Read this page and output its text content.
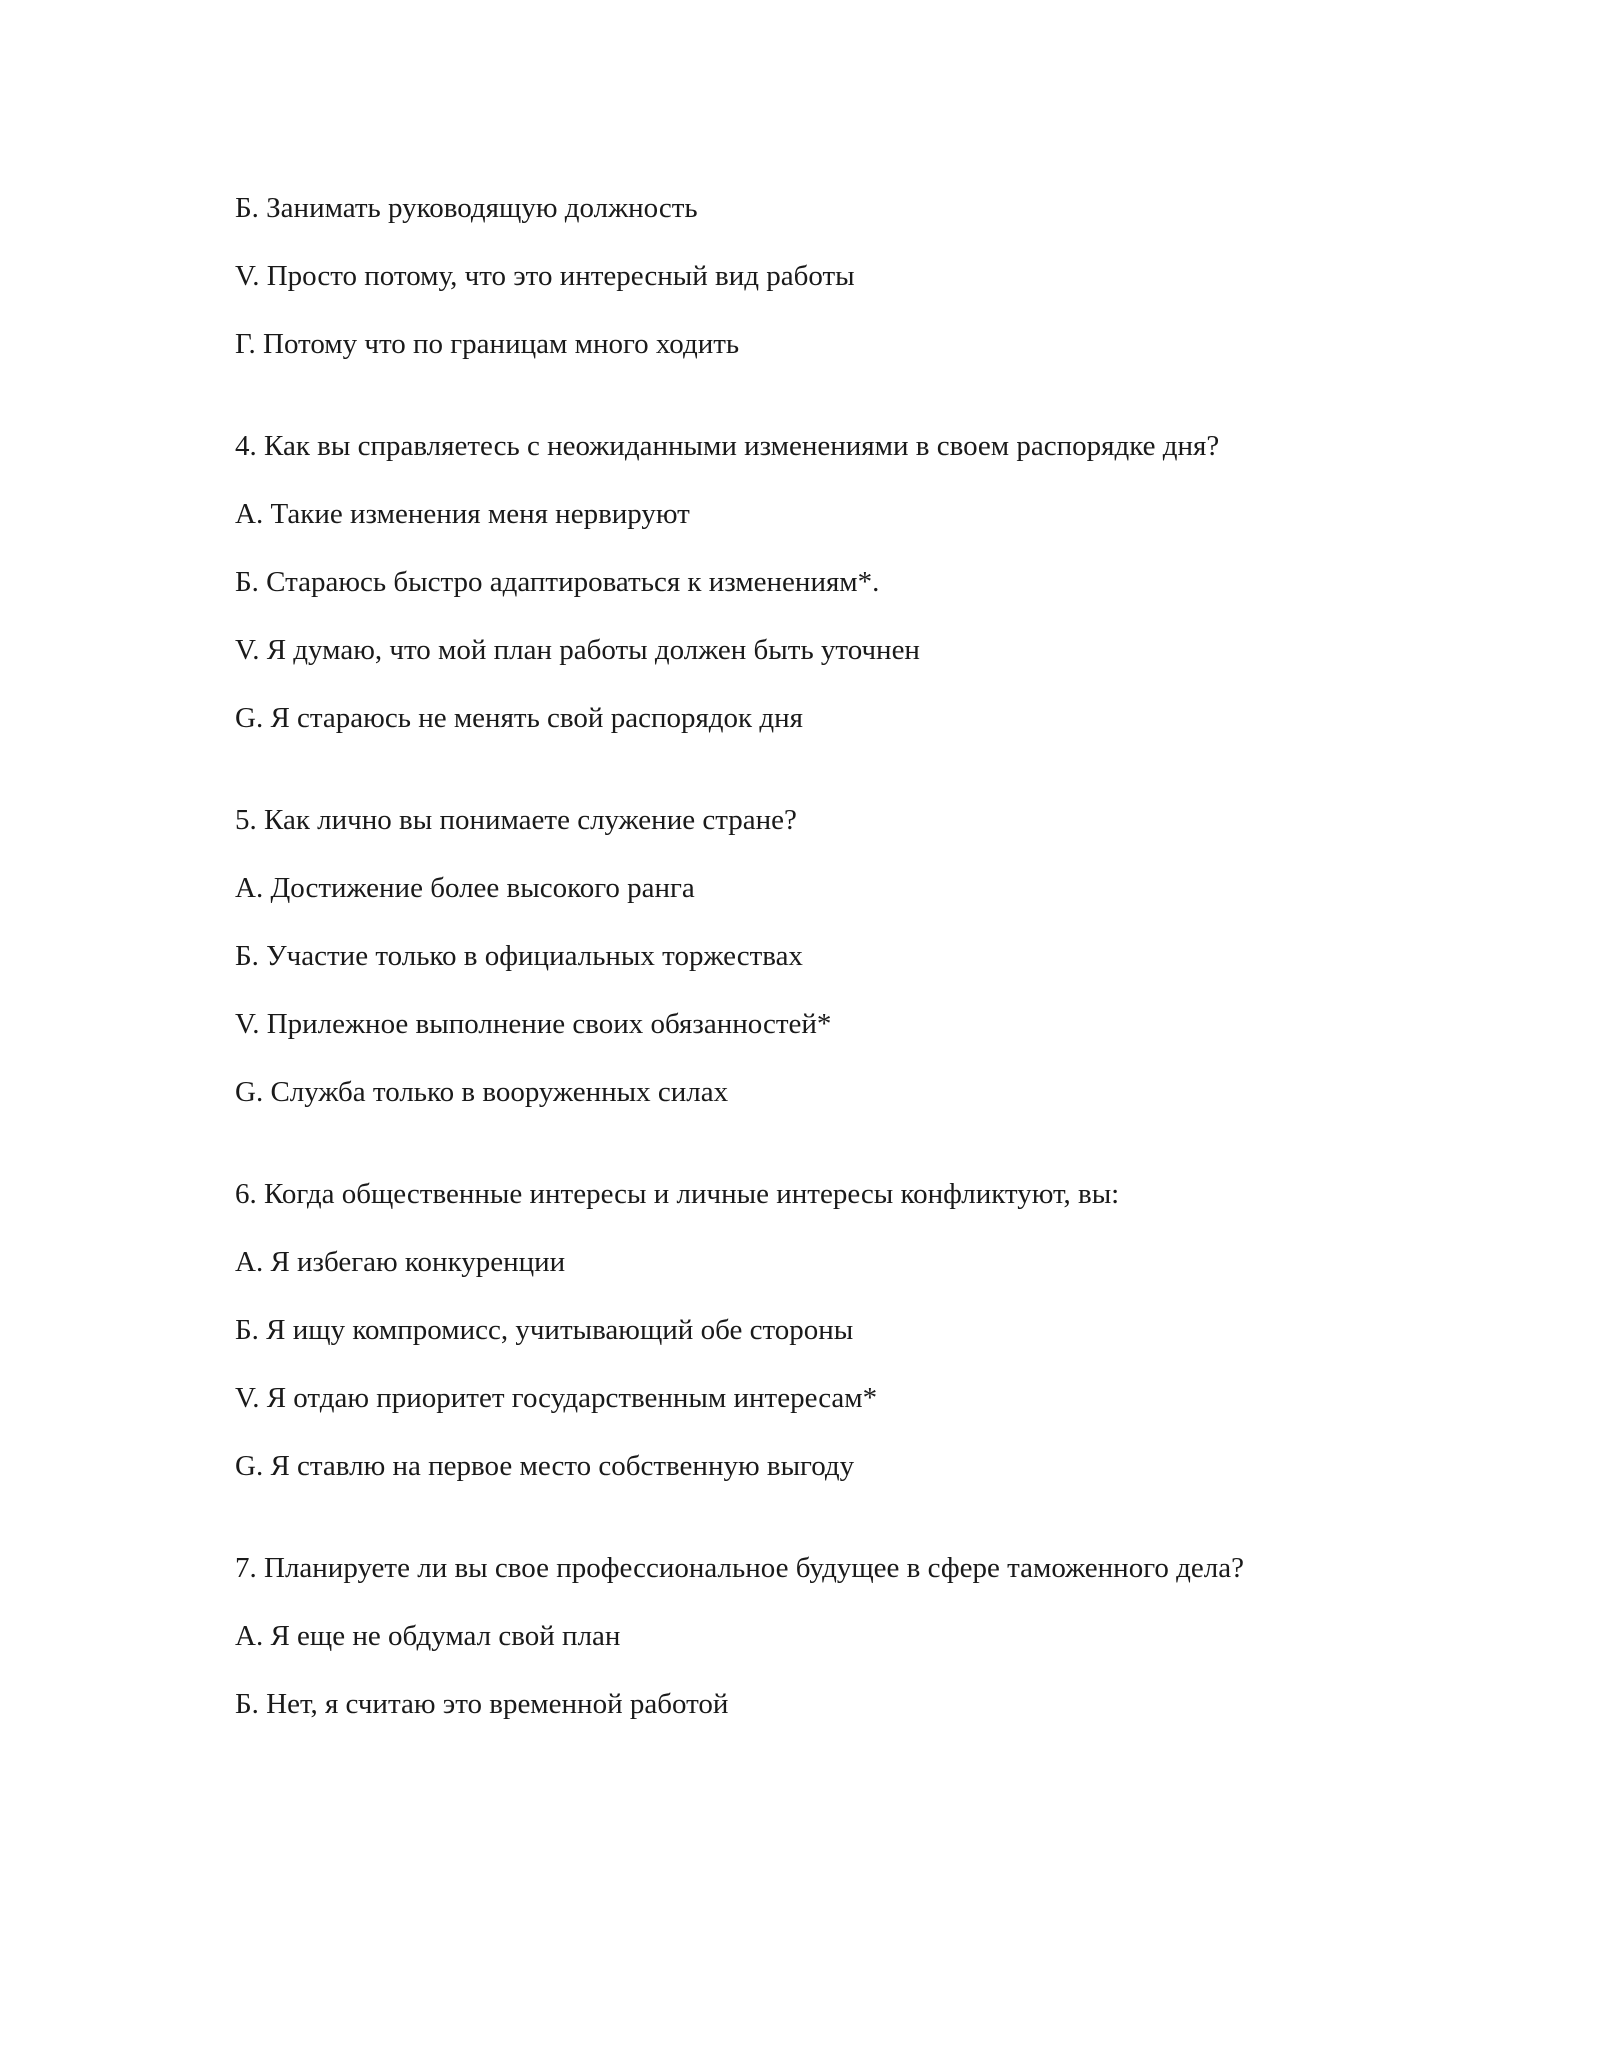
Б. Занимать руководящую должность
V. Просто потому, что это интересный вид работы
Г. Потому что по границам много ходить
4. Как вы справляетесь с неожиданными изменениями в своем распорядке дня?
A. Такие изменения меня нервируют
Б. Стараюсь быстро адаптироваться к изменениям*.
V. Я думаю, что мой план работы должен быть уточнен
G. Я стараюсь не менять свой распорядок дня
5. Как лично вы понимаете служение стране?
A. Достижение более высокого ранга
Б. Участие только в официальных торжествах
V. Прилежное выполнение своих обязанностей*
G. Служба только в вооруженных силах
6. Когда общественные интересы и личные интересы конфликтуют, вы:
A. Я избегаю конкуренции
Б. Я ищу компромисс, учитывающий обе стороны
V. Я отдаю приоритет государственным интересам*
G. Я ставлю на первое место собственную выгоду
7. Планируете ли вы свое профессиональное будущее в сфере таможенного дела?
A. Я еще не обдумал свой план
Б. Нет, я считаю это временной работой
